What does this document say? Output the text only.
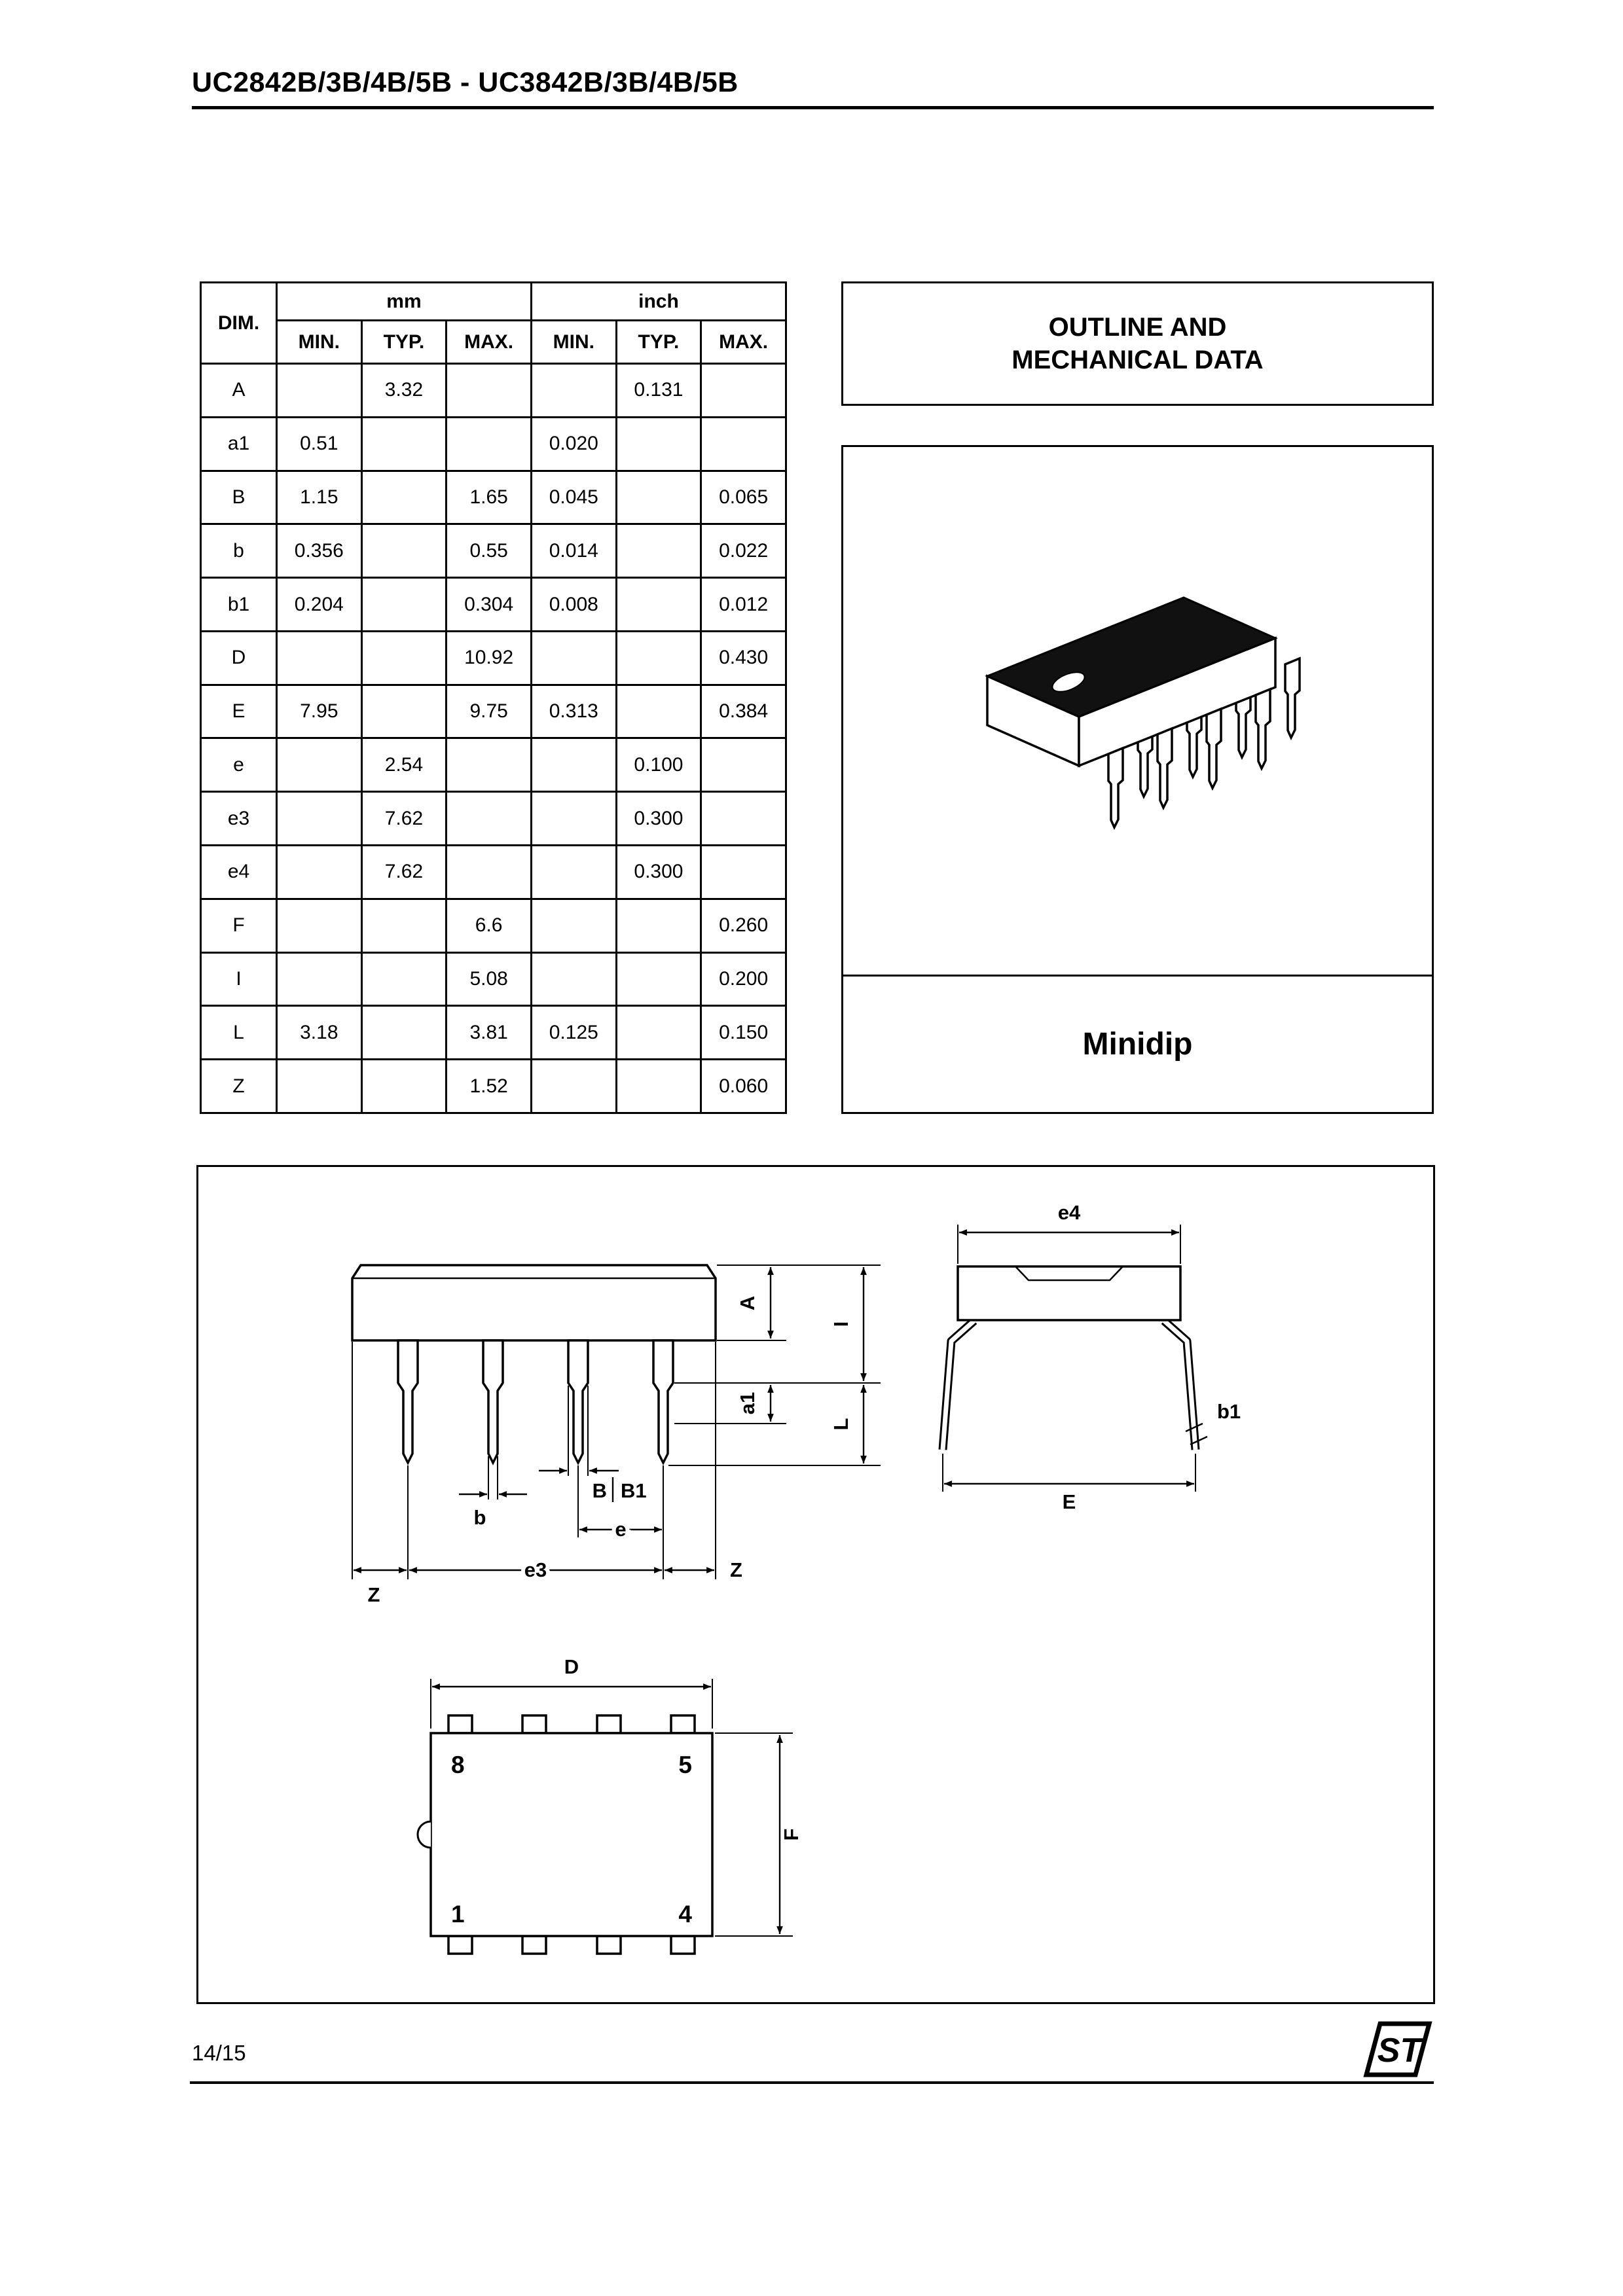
UC2842B/3B/4B/5B - UC3842B/3B/4B/5B
DIM.	mm			inch		
	MIN.	TYP.	MAX.	MIN.	TYP.	MAX.
A		3.32			0.131	
a1	0.51			0.020		
B	1.15		1.65	0.045		0.065
b	0.356		0.55	0.014		0.022
b1	0.204		0.304	0.008		0.012
D			10.92			0.430
E	7.95		9.75	0.313		0.384
e		2.54			0.100	
e3		7.62			0.300	
e4		7.62			0.300	
F			6.6			0.260
I			5.08			0.200
L	3.18		3.81	0.125		0.150
Z			1.52			0.060
OUTLINE AND
MECHANICAL DATA
Minidip
A
I
a1
L
b
B B1
e
e3
Z
Z
e4
b1
E
D
8	5
1	4
F
14/15	ST
